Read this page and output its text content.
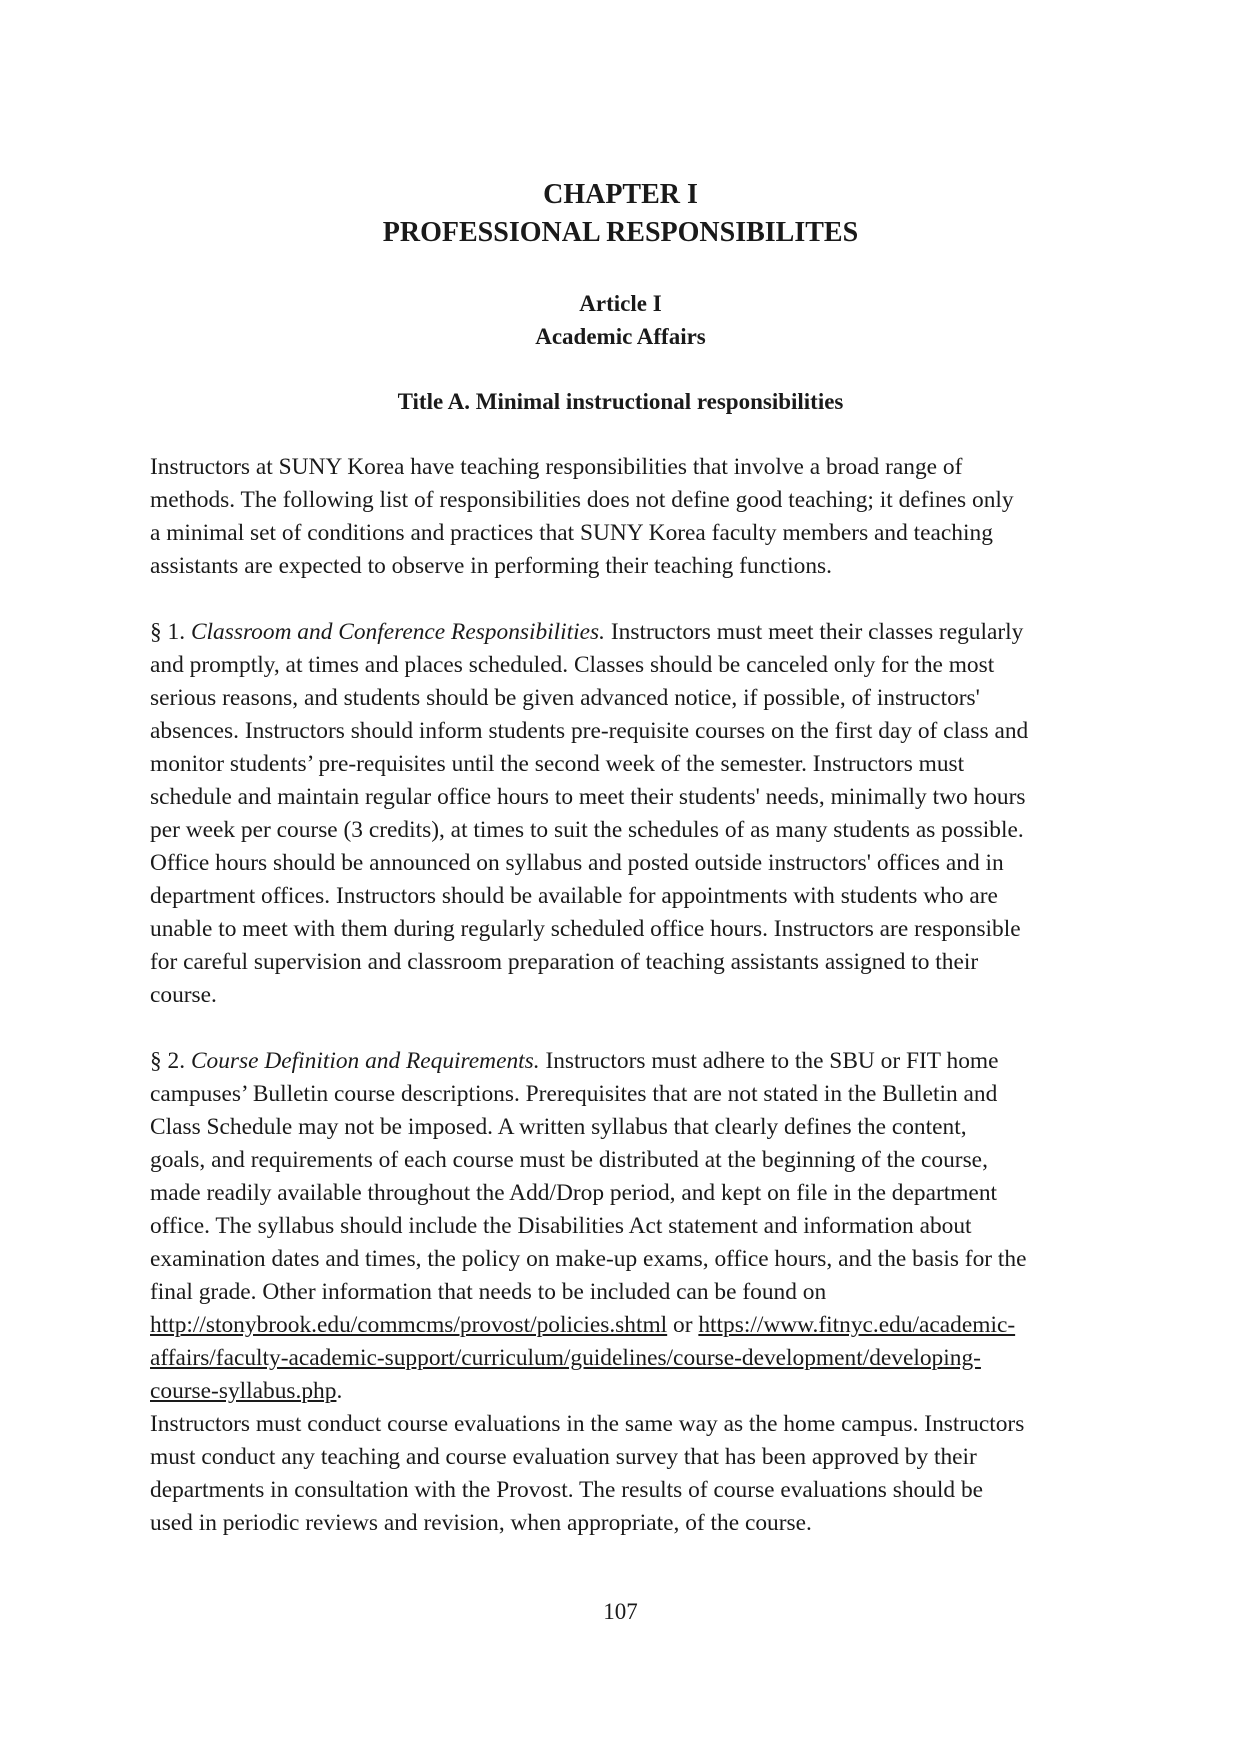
CHAPTER I
PROFESSIONAL RESPONSIBILITES
Article I
Academic Affairs
Title A. Minimal instructional responsibilities

Instructors at SUNY Korea have teaching responsibilities that involve a broad range of
methods. The following list of responsibilities does not define good teaching; it defines only
a minimal set of conditions and practices that SUNY Korea faculty members and teaching
assistants are expected to observe in performing their teaching functions.

§ 1. Classroom and Conference Responsibilities. Instructors must meet their classes regularly
and promptly, at times and places scheduled. Classes should be canceled only for the most
serious reasons, and students should be given advanced notice, if possible, of instructors'
absences. Instructors should inform students pre-requisite courses on the first day of class and
monitor students’ pre-requisites until the second week of the semester. Instructors must
schedule and maintain regular office hours to meet their students' needs, minimally two hours
per week per course (3 credits), at times to suit the schedules of as many students as possible.
Office hours should be announced on syllabus and posted outside instructors' offices and in
department offices. Instructors should be available for appointments with students who are
unable to meet with them during regularly scheduled office hours. Instructors are responsible
for careful supervision and classroom preparation of teaching assistants assigned to their
course.

§ 2. Course Definition and Requirements. Instructors must adhere to the SBU or FIT home
campuses’ Bulletin course descriptions. Prerequisites that are not stated in the Bulletin and
Class Schedule may not be imposed. A written syllabus that clearly defines the content,
goals, and requirements of each course must be distributed at the beginning of the course,
made readily available throughout the Add/Drop period, and kept on file in the department
office. The syllabus should include the Disabilities Act statement and information about
examination dates and times, the policy on make-up exams, office hours, and the basis for the
final grade. Other information that needs to be included can be found on
http://stonybrook.edu/commcms/provost/policies.shtml or https://www.fitnyc.edu/academic-
affairs/faculty-academic-support/curriculum/guidelines/course-development/developing-
course-syllabus.php.

Instructors must conduct course evaluations in the same way as the home campus. Instructors
must conduct any teaching and course evaluation survey that has been approved by their
departments in consultation with the Provost. The results of course evaluations should be
used in periodic reviews and revision, when appropriate, of the course.

107
